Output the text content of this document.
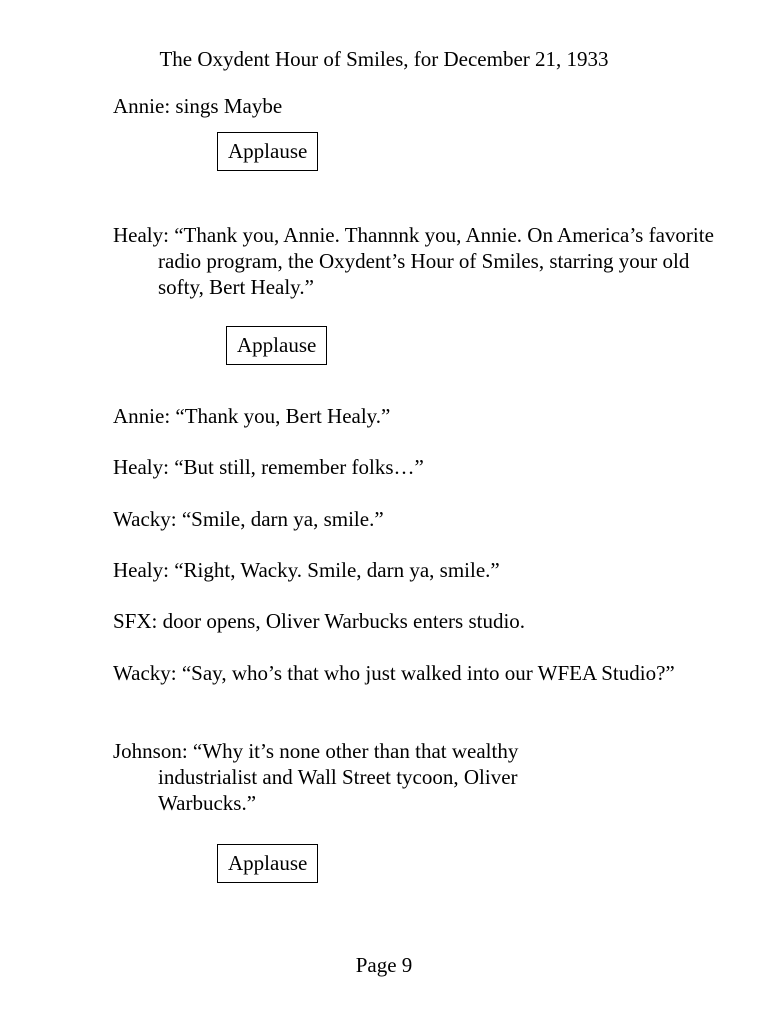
The Oxydent Hour of Smiles, for December 21, 1933
Annie: sings Maybe
Applause
Healy: “Thank you, Annie. Thannnk you, Annie. On America’s favorite radio program, the Oxydent’s Hour of Smiles, starring your old softy, Bert Healy.”
Applause
Annie: “Thank you, Bert Healy.”
Healy: “But still, remember folks…”
Wacky: “Smile, darn ya, smile.”
Healy: “Right, Wacky. Smile, darn ya, smile.”
SFX: door opens, Oliver Warbucks enters studio.
Wacky: “Say, who’s that who just walked into our WFEA Studio?”
Johnson: “Why it’s none other than that wealthy industrialist and Wall Street tycoon, Oliver Warbucks.”
Applause
Page 9
